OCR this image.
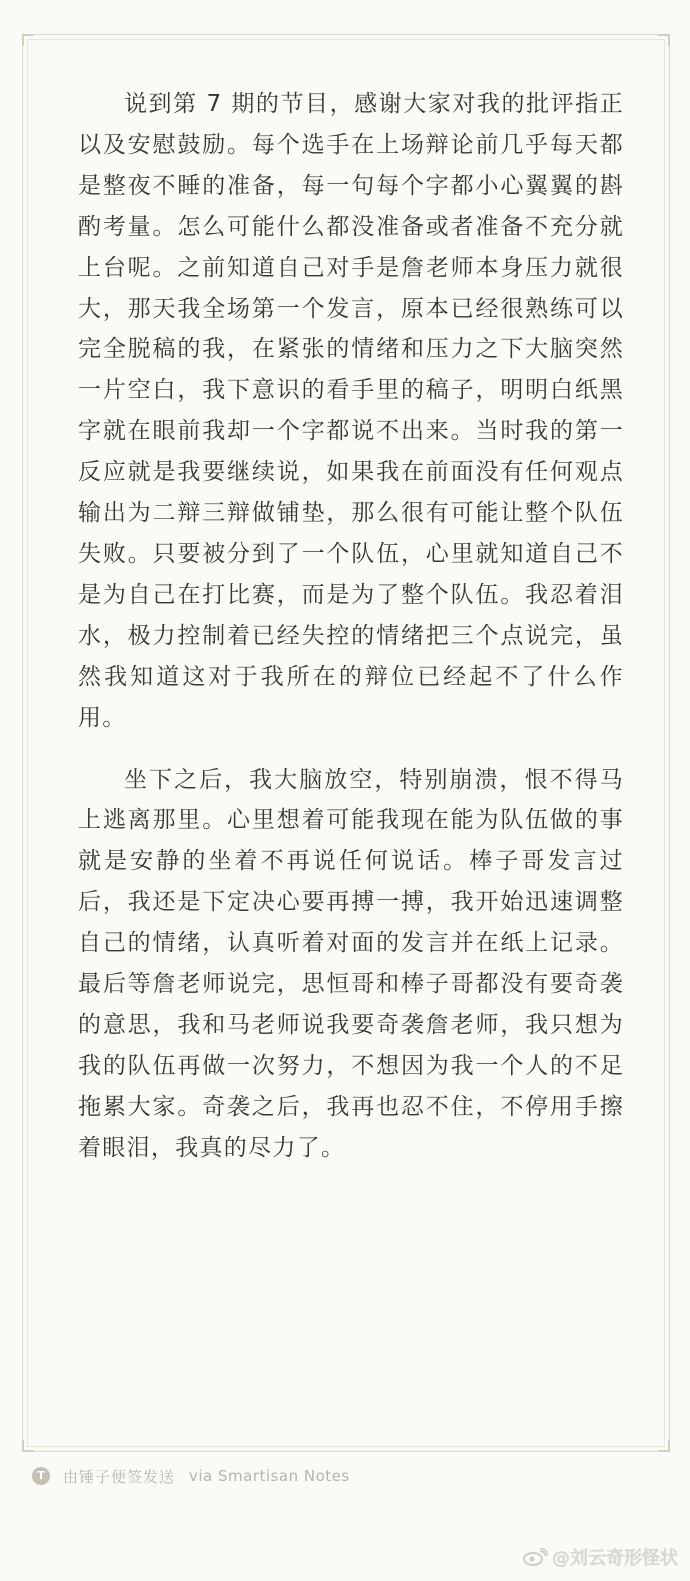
说到第 7 期的节目，感谢大家对我的批评指正以及安慰鼓励。每个选手在上场辩论前几乎每天都是整夜不睡的准备，每一句每个字都小心翼翼的斟酌考量。怎么可能什么都没准备或者准备不充分就上台呢。之前知道自己对手是詹老师本身压力就很大，那天我全场第一个发言，原本已经很熟练可以完全脱稿的我，在紧张的情绪和压力之下大脑突然一片空白，我下意识的看手里的稿子，明明白纸黑字就在眼前我却一个字都说不出来。当时我的第一反应就是我要继续说，如果我在前面没有任何观点输出为二辩三辩做铺垫，那么很有可能让整个队伍失败。只要被分到了一个队伍，心里就知道自己不是为自己在打比赛，而是为了整个队伍。我忍着泪水，极力控制着已经失控的情绪把三个点说完，虽然我知道这对于我所在的辩位已经起不了什么作用。

坐下之后，我大脑放空，特别崩溃，恨不得马上逃离那里。心里想着可能我现在能为队伍做的事就是安静的坐着不再说任何说话。棒子哥发言过后，我还是下定决心要再搏一搏，我开始迅速调整自己的情绪，认真听着对面的发言并在纸上记录。最后等詹老师说完，思恒哥和棒子哥都没有要奇袭的意思，我和马老师说我要奇袭詹老师，我只想为我的队伍再做一次努力，不想因为我一个人的不足拖累大家。奇袭之后，我再也忍不住，不停用手擦着眼泪，我真的尽力了。

T	由锤子便签发送 via Smartisan Notes
@刘云奇形怪状
